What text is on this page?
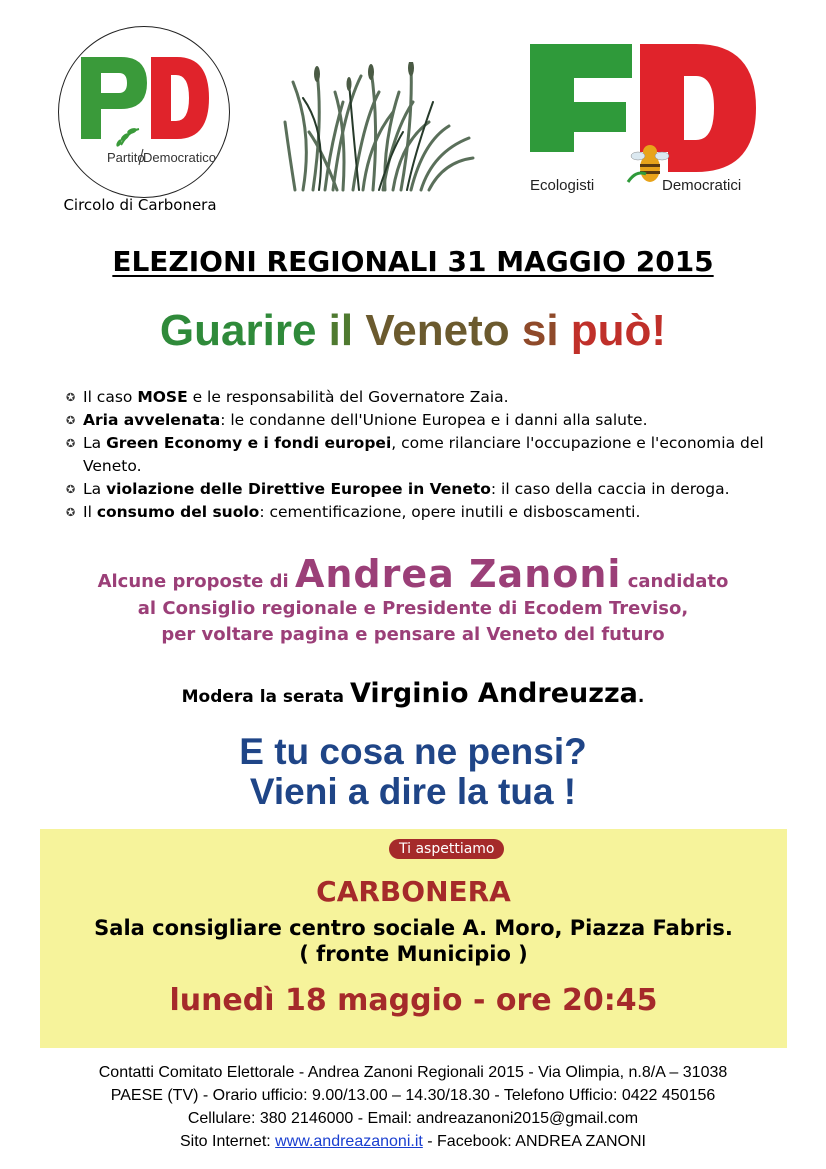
Partito
Democratico
Circolo di Carbonera
Ecologisti	Democratici
ELEZIONI REGIONALI 31 MAGGIO 2015
Guarire il Veneto si può!
✪ Il caso MOSE e le responsabilità del Governatore Zaia.
✪ Aria avvelenata: le condanne dell'Unione Europea e i danni alla salute.
✪ La Green Economy e i fondi europei, come rilanciare l'occupazione e l'economia del Veneto.
✪ La violazione delle Direttive Europee in Veneto: il caso della caccia in deroga.
✪ Il consumo del suolo: cementificazione, opere inutili e disboscamenti.
Alcune proposte di Andrea Zanoni candidato
al Consiglio regionale e Presidente di Ecodem Treviso,
per voltare pagina e pensare al Veneto del futuro
Modera la serata Virginio Andreuzza.
E tu cosa ne pensi?
Vieni a dire la tua !
Ti aspettiamo
CARBONERA
Sala consigliare centro sociale A. Moro, Piazza Fabris.
( fronte Municipio )
lunedì 18 maggio - ore 20:45
Contatti Comitato Elettorale - Andrea Zanoni Regionali 2015 - Via Olimpia, n.8/A – 31038
PAESE (TV) - Orario ufficio: 9.00/13.00 – 14.30/18.30 - Telefono Ufficio: 0422 450156
Cellulare: 380 2146000 - Email: andreazanoni2015@gmail.com
Sito Internet: www.andreazanoni.it - Facebook: ANDREA ZANONI
